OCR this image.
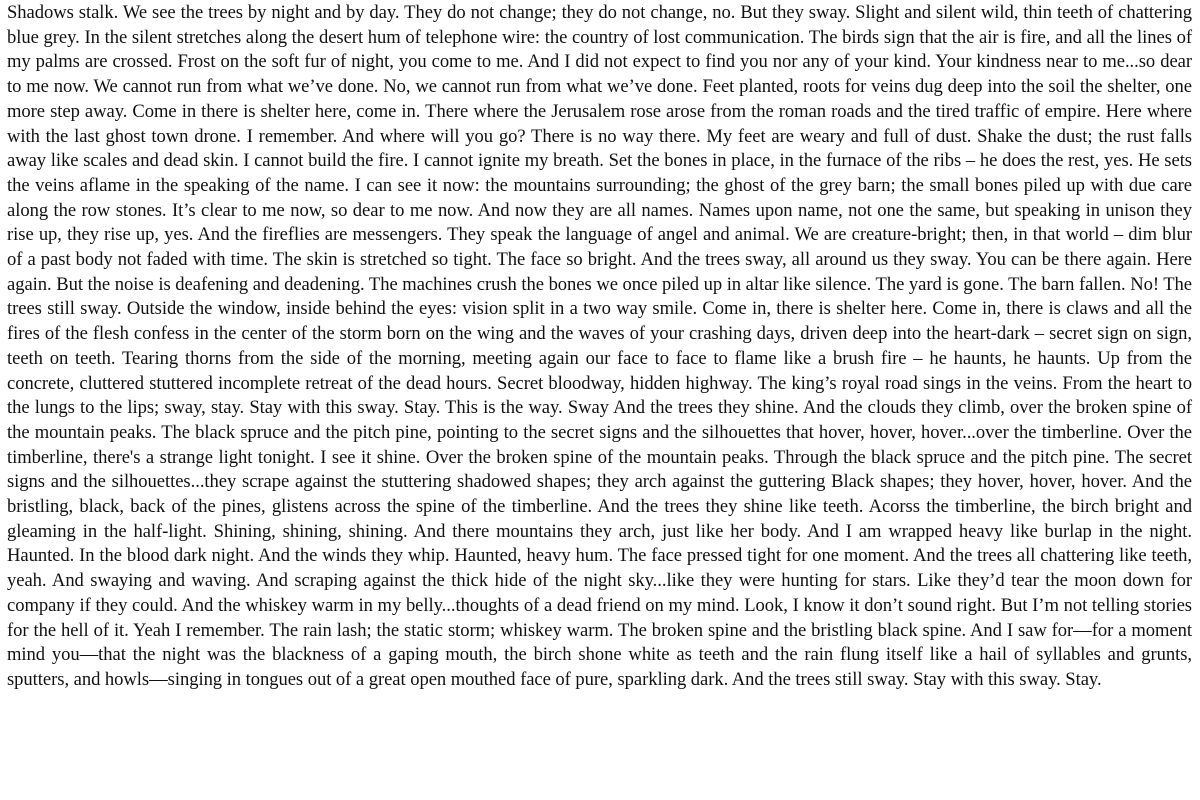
Shadows stalk. We see the trees by night and by day. They do not change; they do not change, no. But they sway. Slight and silent wild, thin teeth of chattering blue grey. In the silent stretches along the desert hum of telephone wire: the country of lost communication. The birds sign that the air is fire, and all the lines of my palms are crossed. Frost on the soft fur of night, you come to me. And I did not expect to find you nor any of your kind. Your kindness near to me...so dear to me now. We cannot run from what we’ve done. No, we cannot run from what we’ve done. Feet planted, roots for veins dug deep into the soil the shelter, one more step away. Come in there is shelter here, come in. There where the Jerusalem rose arose from the roman roads and the tired traffic of empire. Here where with the last ghost town drone. I remember. And where will you go? There is no way there. My feet are weary and full of dust. Shake the dust; the rust falls away like scales and dead skin. I cannot build the fire. I cannot ignite my breath. Set the bones in place, in the furnace of the ribs – he does the rest, yes. He sets the veins aflame in the speaking of the name. I can see it now: the mountains surrounding; the ghost of the grey barn; the small bones piled up with due care along the row stones. It’s clear to me now, so dear to me now. And now they are all names. Names upon name, not one the same, but speaking in unison they rise up, they rise up, yes. And the fireflies are messengers. They speak the language of angel and animal. We are creature-bright; then, in that world – dim blur of a past body not faded with time. The skin is stretched so tight. The face so bright. And the trees sway, all around us they sway. You can be there again. Here again. But the noise is deafening and deadening. The machines crush the bones we once piled up in altar like silence. The yard is gone. The barn fallen. No! The trees still sway. Outside the window, inside behind the eyes: vision split in a two way smile. Come in, there is shelter here. Come in, there is claws and all the fires of the flesh confess in the center of the storm born on the wing and the waves of your crashing days, driven deep into the heart-dark – secret sign on sign, teeth on teeth. Tearing thorns from the side of the morning, meeting again our face to face to flame like a brush fire – he haunts, he haunts. Up from the concrete, cluttered stuttered incomplete retreat of the dead hours. Secret bloodway, hidden highway. The king’s royal road sings in the veins. From the heart to the lungs to the lips; sway, stay. Stay with this sway. Stay. This is the way. Sway And the trees they shine. And the clouds they climb, over the broken spine of the mountain peaks. The black spruce and the pitch pine, pointing to the secret signs and the silhouettes that hover, hover, hover...over the timberline. Over the timberline, there's a strange light tonight. I see it shine. Over the broken spine of the mountain peaks. Through the black spruce and the pitch pine. The secret signs and the silhouettes...they scrape against the stuttering shadowed shapes; they arch against the guttering Black shapes; they hover, hover, hover. And the bristling, black, back of the pines, glistens across the spine of the timberline. And the trees they shine like teeth. Acorss the timberline, the birch bright and gleaming in the half-light. Shining, shining, shining. And there mountains they arch, just like her body. And I am wrapped heavy like burlap in the night. Haunted. In the blood dark night. And the winds they whip. Haunted, heavy hum. The face pressed tight for one moment. And the trees all chattering like teeth, yeah. And swaying and waving. And scraping against the thick hide of the night sky...like they were hunting for stars. Like they’d tear the moon down for company if they could. And the whiskey warm in my belly...thoughts of a dead friend on my mind. Look, I know it don’t sound right. But I’m not telling stories for the hell of it. Yeah I remember. The rain lash; the static storm; whiskey warm. The broken spine and the bristling black spine. And I saw for—for a moment mind you—that the night was the blackness of a gaping mouth, the birch shone white as teeth and the rain flung itself like a hail of syllables and grunts, sputters, and howls—singing in tongues out of a great open mouthed face of pure, sparkling dark. And the trees still sway. Stay with this sway. Stay.
